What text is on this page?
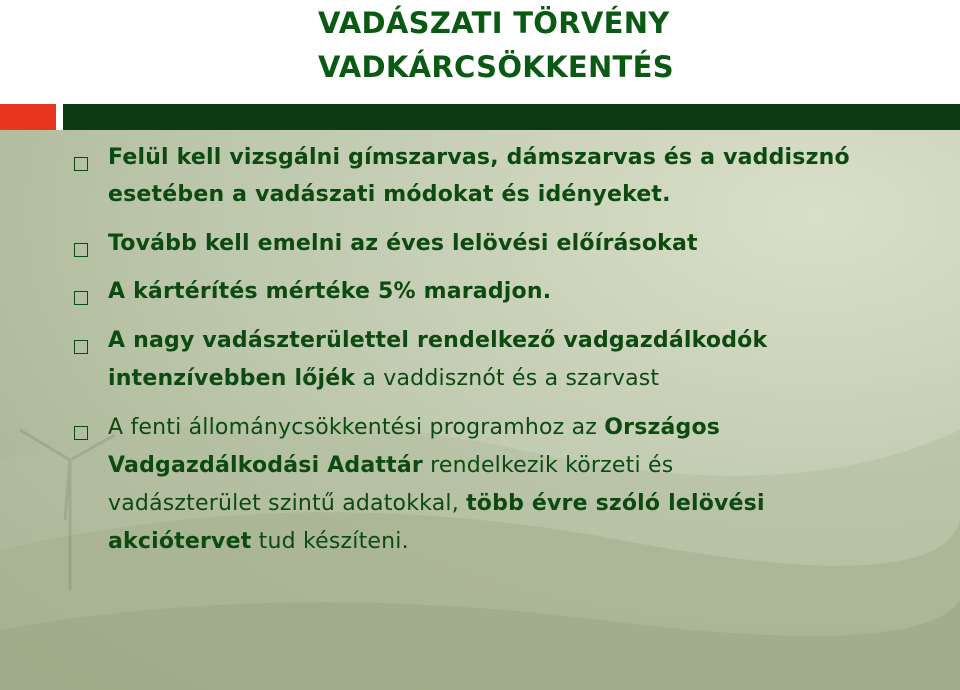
VADÁSZATI TÖRVÉNY
VADKÁRCSÖKKENTÉS
Felül kell vizsgálni gímszarvas, dámszarvas és a vaddisznó
esetében a vadászati módokat és idényeket.
Tovább kell emelni az éves lelövési előírásokat
A kártérítés mértéke 5% maradjon.
A nagy vadászterülettel rendelkező vadgazdálkodók
intenzívebben lőjék a vaddisznót és a szarvast
A fenti állománycsökkentési programhoz az Országos
Vadgazdálkodási Adattár rendelkezik körzeti és
vadászterület szintű adatokkal, több évre szóló lelövési
akciótervet tud készíteni.
